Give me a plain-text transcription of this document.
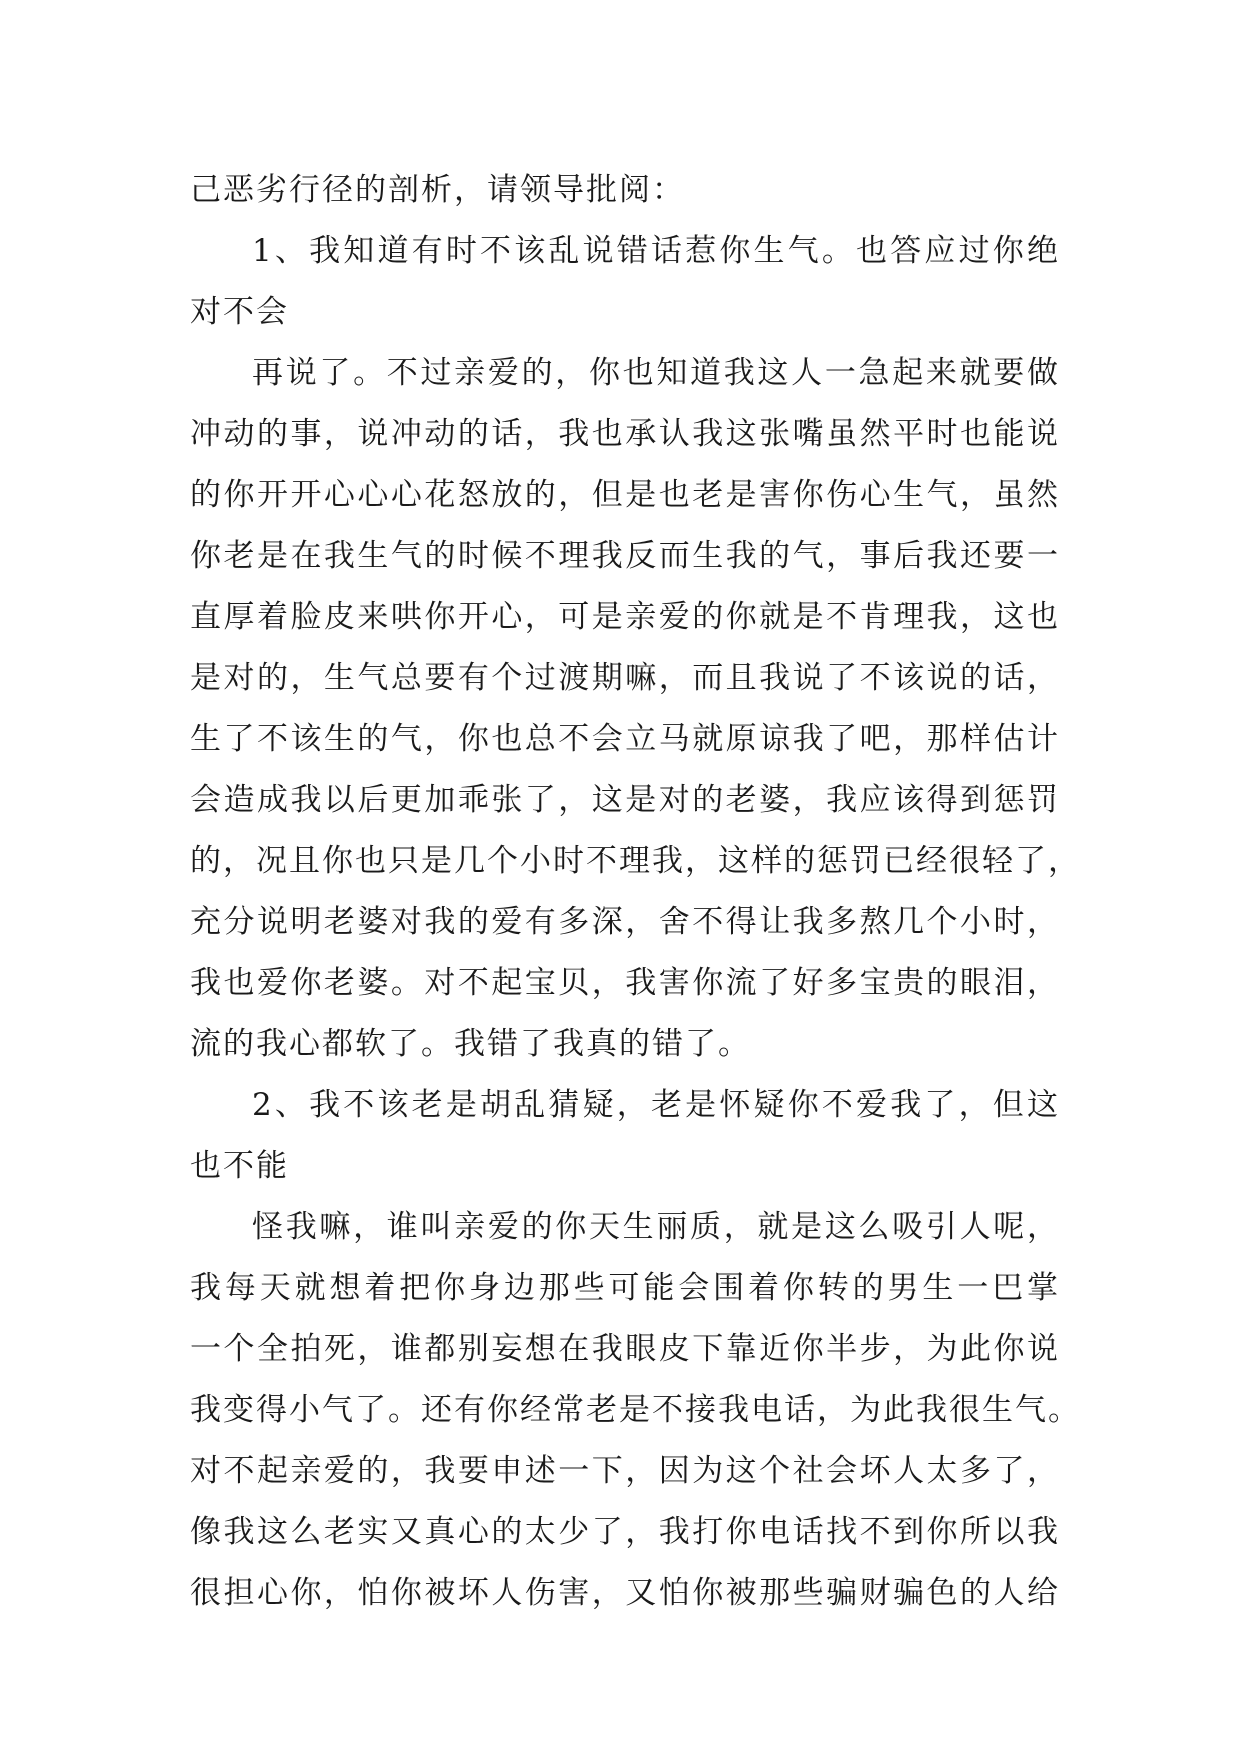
己恶劣行径的剖析，请领导批阅：
1、我知道有时不该乱说错话惹你生气。也答应过你绝
对不会
再说了。不过亲爱的，你也知道我这人一急起来就要做
冲动的事，说冲动的话，我也承认我这张嘴虽然平时也能说
的你开开心心心花怒放的，但是也老是害你伤心生气，虽然
你老是在我生气的时候不理我反而生我的气，事后我还要一
直厚着脸皮来哄你开心，可是亲爱的你就是不肯理我，这也
是对的，生气总要有个过渡期嘛，而且我说了不该说的话，
生了不该生的气，你也总不会立马就原谅我了吧，那样估计
会造成我以后更加乖张了，这是对的老婆，我应该得到惩罚
的，况且你也只是几个小时不理我，这样的惩罚已经很轻了，
充分说明老婆对我的爱有多深，舍不得让我多熬几个小时，
我也爱你老婆。对不起宝贝，我害你流了好多宝贵的眼泪，
流的我心都软了。我错了我真的错了。
2、我不该老是胡乱猜疑，老是怀疑你不爱我了，但这
也不能
怪我嘛，谁叫亲爱的你天生丽质，就是这么吸引人呢，
我每天就想着把你身边那些可能会围着你转的男生一巴掌
一个全拍死，谁都别妄想在我眼皮下靠近你半步，为此你说
我变得小气了。还有你经常老是不接我电话，为此我很生气。
对不起亲爱的，我要申述一下，因为这个社会坏人太多了，
像我这么老实又真心的太少了，我打你电话找不到你所以我
很担心你，怕你被坏人伤害，又怕你被那些骗财骗色的人给
